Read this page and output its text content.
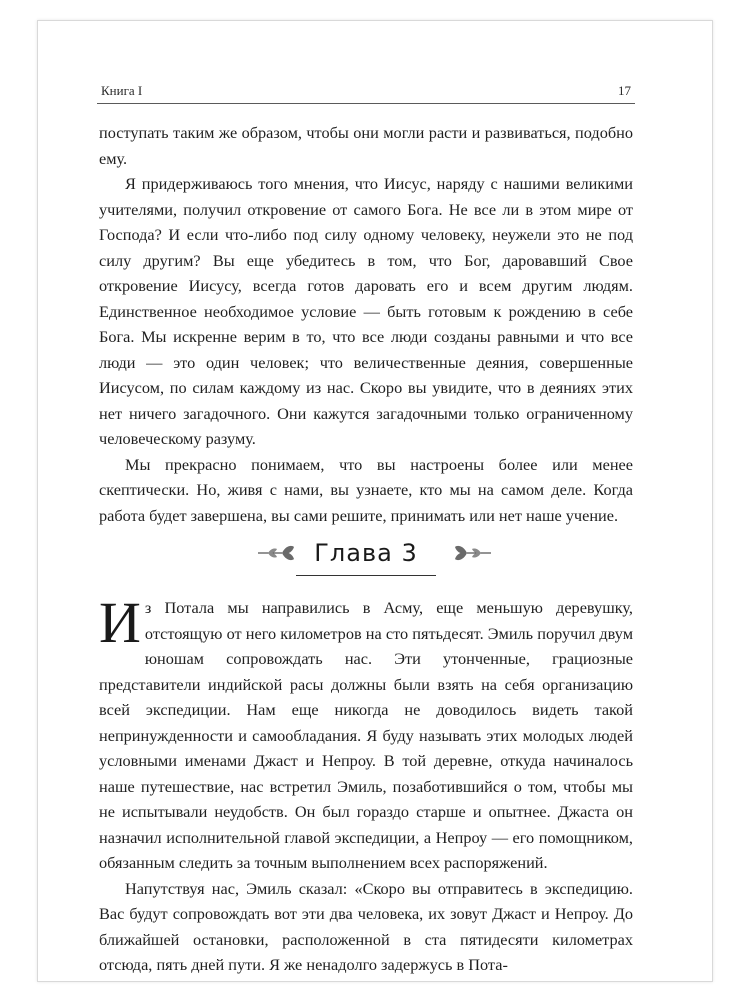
Книга I	17

поступать таким же образом, чтобы они могли расти и развиваться, подобно ему.

Я придерживаюсь того мнения, что Иисус, наряду с нашими великими учителями, получил откровение от самого Бога. Не все ли в этом мире от Господа? И если что-либо под силу одному человеку, неужели это не под силу другим? Вы еще убедитесь в том, что Бог, даровавший Свое откровение Иисусу, всегда готов даровать его и всем другим людям. Единственное необходимое условие — быть готовым к рождению в себе Бога. Мы искренне верим в то, что все люди созданы равными и что все люди — это один человек; что величественные деяния, совершенные Иисусом, по силам каждому из нас. Скоро вы увидите, что в деяниях этих нет ничего загадочного. Они кажутся загадочными только ограниченному человеческому разуму.

Мы прекрасно понимаем, что вы настроены более или менее скептически. Но, живя с нами, вы узнаете, кто мы на самом деле. Когда работа будет завершена, вы сами решите, принимать или нет наше учение.

Глава 3

Из Потала мы направились в Асму, еще меньшую деревушку, отстоящую от него километров на сто пятьдесят. Эмиль поручил двум юношам сопровождать нас. Эти утонченные, грациозные представители индийской расы должны были взять на себя организацию всей экспедиции. Нам еще никогда не доводилось видеть такой непринужденности и самообладания. Я буду называть этих молодых людей условными именами Джаст и Непроу. В той деревне, откуда начиналось наше путешествие, нас встретил Эмиль, позаботившийся о том, чтобы мы не испытывали неудобств. Он был гораздо старше и опытнее. Джаста он назначил исполнительной главой экспедиции, а Непроу — его помощником, обязанным следить за точным выполнением всех распоряжений.

Напутствуя нас, Эмиль сказал: «Скоро вы отправитесь в экспедицию. Вас будут сопровождать вот эти два человека, их зовут Джаст и Непроу. До ближайшей остановки, расположенной в ста пятидесяти километрах отсюда, пять дней пути. Я же ненадолго задержусь в Пота-
